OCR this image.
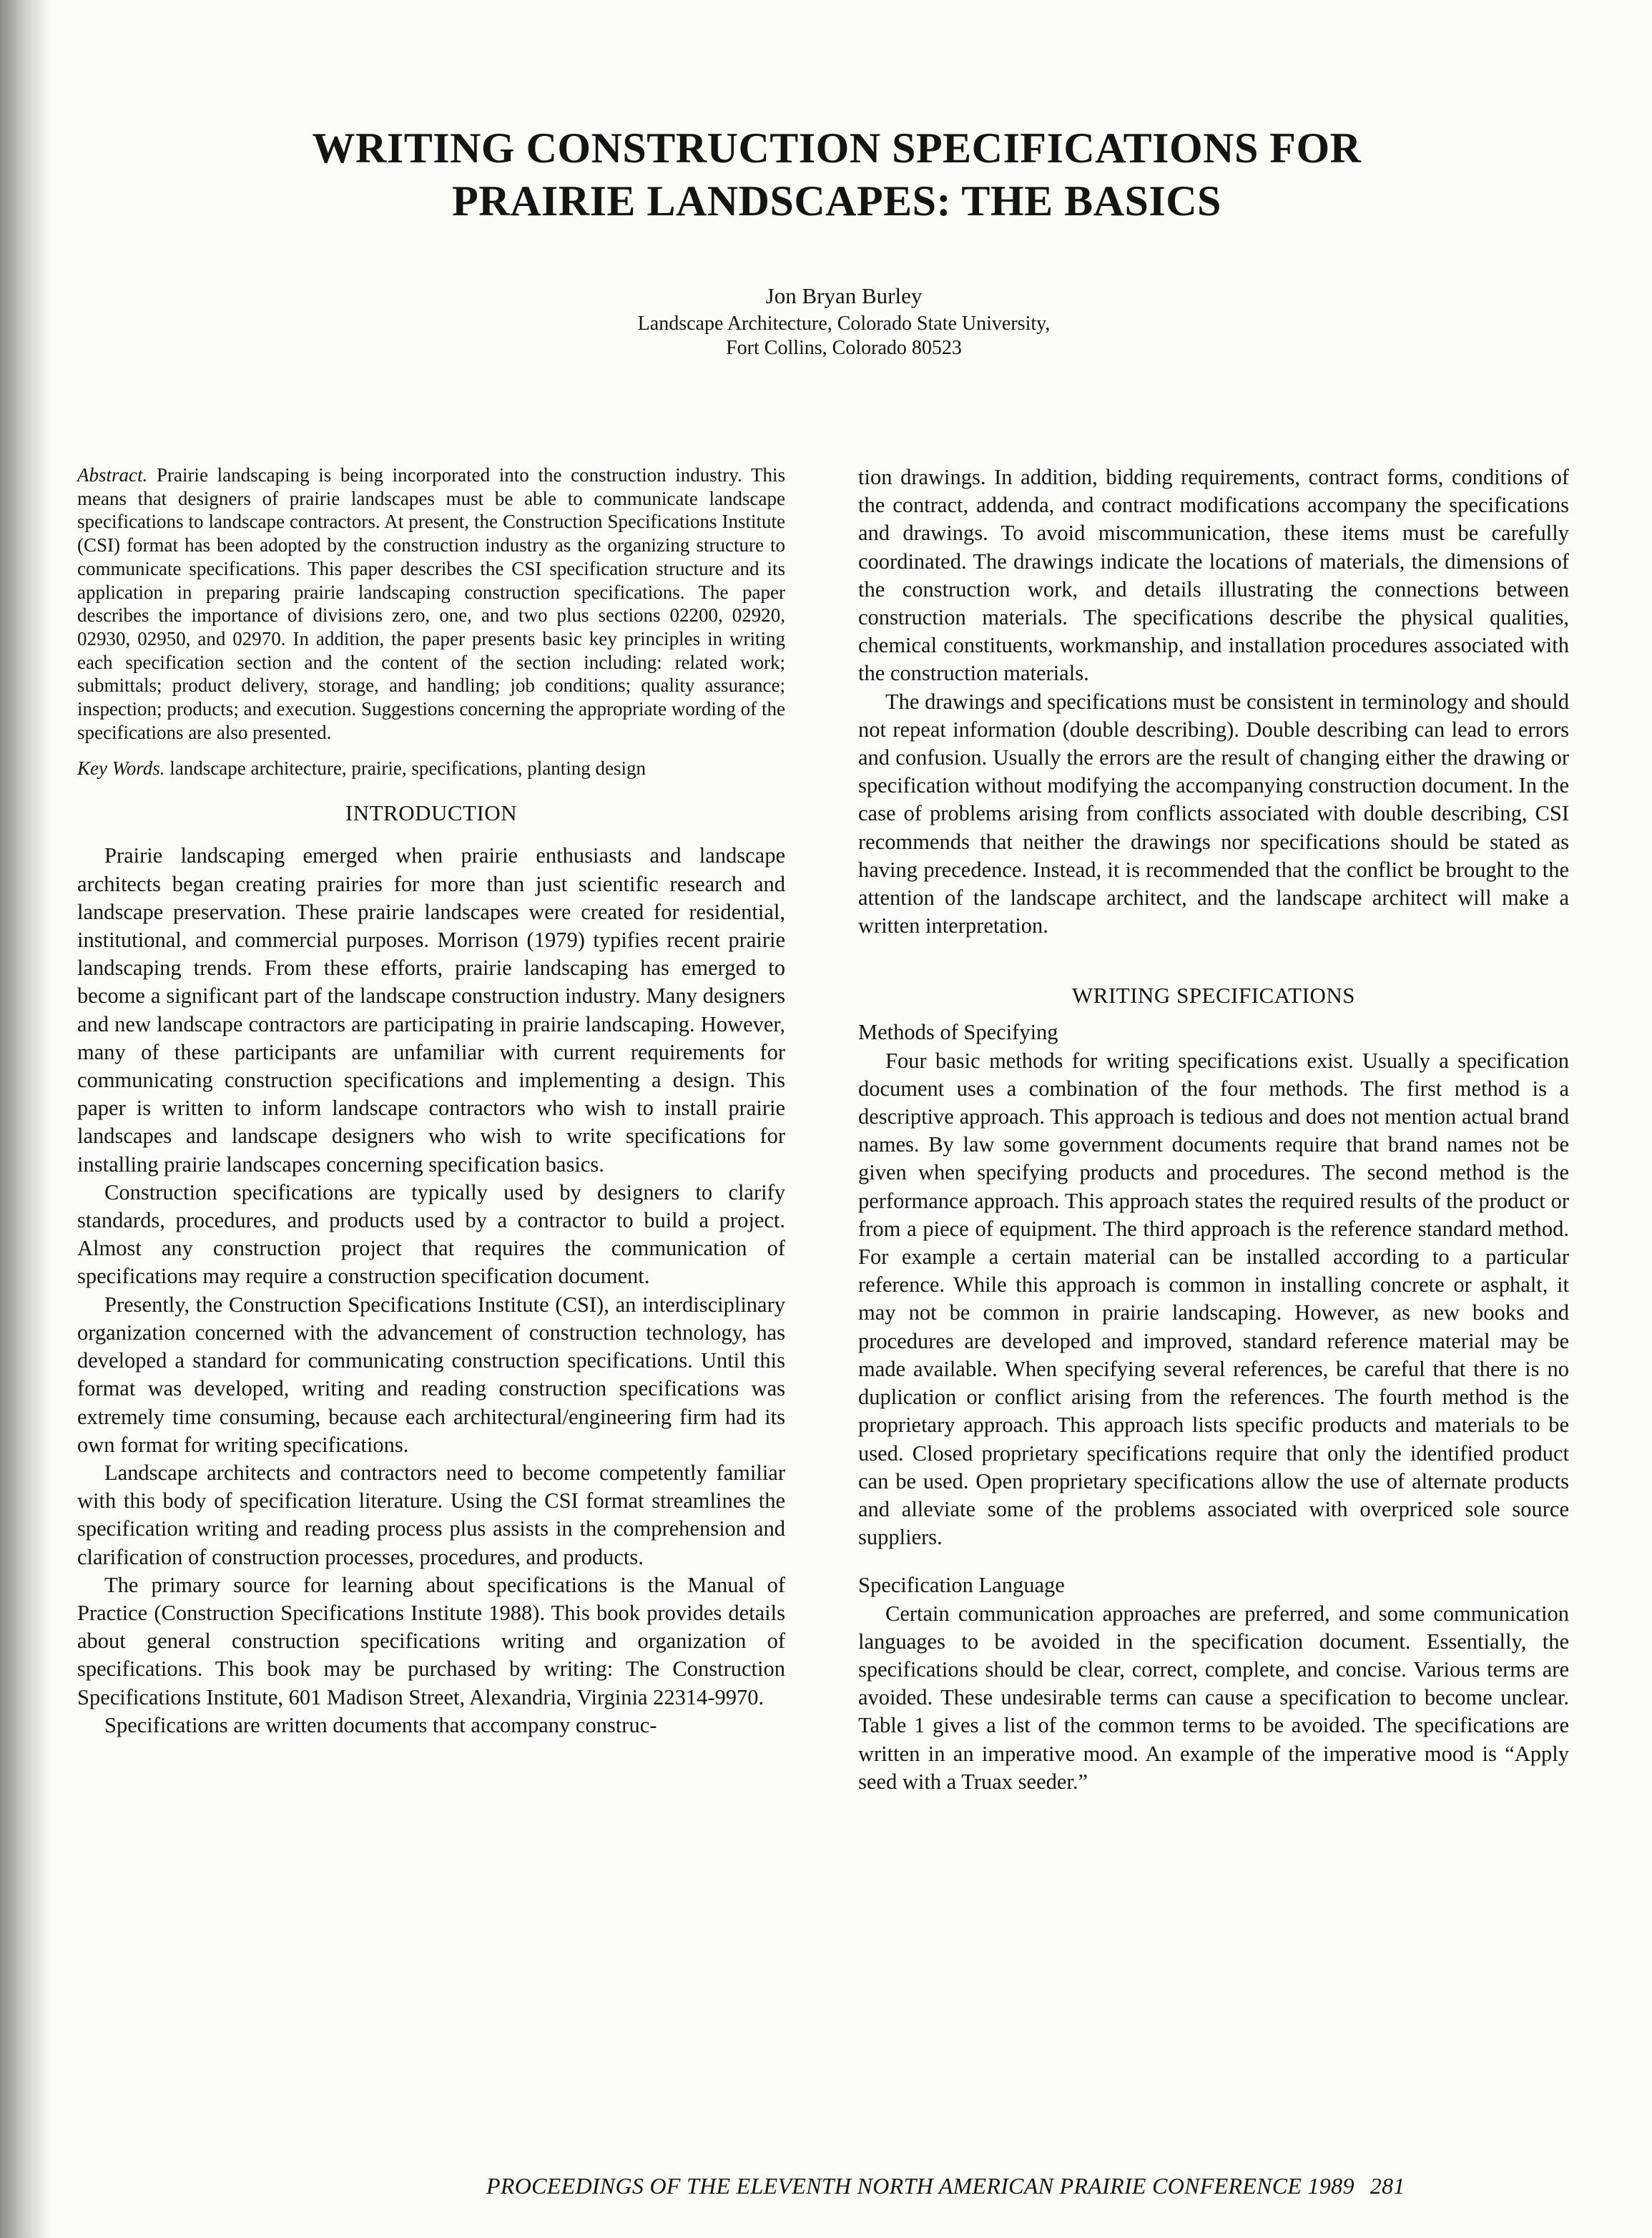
WRITING CONSTRUCTION SPECIFICATIONS FOR
PRAIRIE LANDSCAPES: THE BASICS
Jon Bryan Burley
Landscape Architecture, Colorado State University,
Fort Collins, Colorado 80523

Abstract. Prairie landscaping is being incorporated into the construction industry. This means that designers of prairie landscapes must be able to communicate landscape specifications to landscape contractors. At present, the Construction Specifications Institute (CSI) format has been adopted by the construction industry as the organizing structure to communicate specifications. This paper describes the CSI specification structure and its application in preparing prairie landscaping construction specifications. The paper describes the importance of divisions zero, one, and two plus sections 02200, 02920, 02930, 02950, and 02970. In addition, the paper presents basic key principles in writing each specification section and the content of the section including: related work; submittals; product delivery, storage, and handling; job conditions; quality assurance; inspection; products; and execution. Suggestions concerning the appropriate wording of the specifications are also presented.

Key Words. landscape architecture, prairie, specifications, planting design

INTRODUCTION

Prairie landscaping emerged when prairie enthusiasts and landscape architects began creating prairies for more than just scientific research and landscape preservation. These prairie landscapes were created for residential, institutional, and commercial purposes. Morrison (1979) typifies recent prairie landscaping trends. From these efforts, prairie landscaping has emerged to become a significant part of the landscape construction industry. Many designers and new landscape contractors are participating in prairie landscaping. However, many of these participants are unfamiliar with current requirements for communicating construction specifications and implementing a design. This paper is written to inform landscape contractors who wish to install prairie landscapes and landscape designers who wish to write specifications for installing prairie landscapes concerning specification basics.

Construction specifications are typically used by designers to clarify standards, procedures, and products used by a contractor to build a project. Almost any construction project that requires the communication of specifications may require a construction specification document.

Presently, the Construction Specifications Institute (CSI), an interdisciplinary organization concerned with the advancement of construction technology, has developed a standard for communicating construction specifications. Until this format was developed, writing and reading construction specifications was extremely time consuming, because each architectural/engineering firm had its own format for writing specifications.

Landscape architects and contractors need to become competently familiar with this body of specification literature. Using the CSI format streamlines the specification writing and reading process plus assists in the comprehension and clarification of construction processes, procedures, and products.

The primary source for learning about specifications is the Manual of Practice (Construction Specifications Institute 1988). This book provides details about general construction specifications writing and organization of specifications. This book may be purchased by writing: The Construction Specifications Institute, 601 Madison Street, Alexandria, Virginia 22314-9970.

Specifications are written documents that accompany construc-

tion drawings. In addition, bidding requirements, contract forms, conditions of the contract, addenda, and contract modifications accompany the specifications and drawings. To avoid miscommunication, these items must be carefully coordinated. The drawings indicate the locations of materials, the dimensions of the construction work, and details illustrating the connections between construction materials. The specifications describe the physical qualities, chemical constituents, workmanship, and installation procedures associated with the construction materials.

The drawings and specifications must be consistent in terminology and should not repeat information (double describing). Double describing can lead to errors and confusion. Usually the errors are the result of changing either the drawing or specification without modifying the accompanying construction document. In the case of problems arising from conflicts associated with double describing, CSI recommends that neither the drawings nor specifications should be stated as having precedence. Instead, it is recommended that the conflict be brought to the attention of the landscape architect, and the landscape architect will make a written interpretation.

WRITING SPECIFICATIONS
Methods of Specifying

Four basic methods for writing specifications exist. Usually a specification document uses a combination of the four methods. The first method is a descriptive approach. This approach is tedious and does not mention actual brand names. By law some government documents require that brand names not be given when specifying products and procedures. The second method is the performance approach. This approach states the required results of the product or from a piece of equipment. The third approach is the reference standard method. For example a certain material can be installed according to a particular reference. While this approach is common in installing concrete or asphalt, it may not be common in prairie landscaping. However, as new books and procedures are developed and improved, standard reference material may be made available. When specifying several references, be careful that there is no duplication or conflict arising from the references. The fourth method is the proprietary approach. This approach lists specific products and materials to be used. Closed proprietary specifications require that only the identified product can be used. Open proprietary specifications allow the use of alternate products and alleviate some of the problems associated with overpriced sole source suppliers.

Specification Language

Certain communication approaches are preferred, and some communication languages to be avoided in the specification document. Essentially, the specifications should be clear, correct, complete, and concise. Various terms are avoided. These undesirable terms can cause a specification to become unclear. Table 1 gives a list of the common terms to be avoided. The specifications are written in an imperative mood. An example of the imperative mood is “Apply seed with a Truax seeder.”

PROCEEDINGS OF THE ELEVENTH NORTH AMERICAN PRAIRIE CONFERENCE 1989 281
